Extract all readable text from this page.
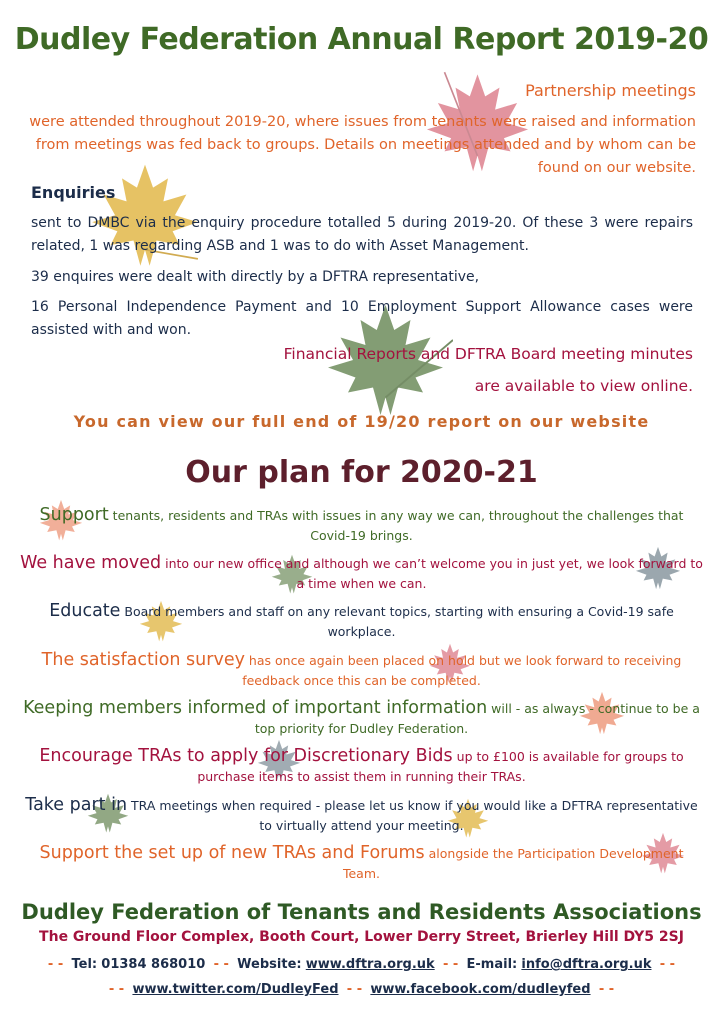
Dudley Federation Annual Report 2019-20
Partnership meetings
were attended throughout 2019-20, where issues from tenants were raised and information
from meetings was fed back to groups. Details on meetings attended and by whom can be
found on our website.
Enquiries
sent to DMBC via the enquiry procedure totalled 5 during 2019-20. Of these 3 were repairs related, 1 was regarding ASB and 1 was to do with Asset Management.
39 enquires were dealt with directly by a DFTRA representative,
16 Personal Independence Payment and 10 Employment Support Allowance cases were assisted with and won.
Financial Reports and DFTRA Board meeting minutes
are available to view online.
You can view our full end of 19/20 report on our website
Our plan for 2020-21
Support tenants, residents and TRAs with issues in any way we can, throughout the challenges that Covid-19 brings.
We have moved into our new office and although we can’t welcome you in just yet, we look forward to a time when we can.
Educate Board members and staff on any relevant topics, starting with ensuring a Covid-19 safe workplace.
The satisfaction survey has once again been placed on hold but we look forward to receiving feedback once this can be completed.
Keeping members informed of important information will - as always - continue to be a top priority for Dudley Federation.
Encourage TRAs to apply for Discretionary Bids up to £100 is available for groups to purchase items to assist them in running their TRAs.
Take part in TRA meetings when required - please let us know if you would like a DFTRA representative to virtually attend your meeting.
Support the set up of new TRAs and Forums alongside the Participation Development Team.
Dudley Federation of Tenants and Residents Associations
The Ground Floor Complex, Booth Court, Lower Derry Street, Brierley Hill DY5 2SJ
- - Tel: 01384 868010 - - Website: www.dftra.org.uk - - E-mail: info@dftra.org.uk - -
- - www.twitter.com/DudleyFed - - www.facebook.com/dudleyfed - -
